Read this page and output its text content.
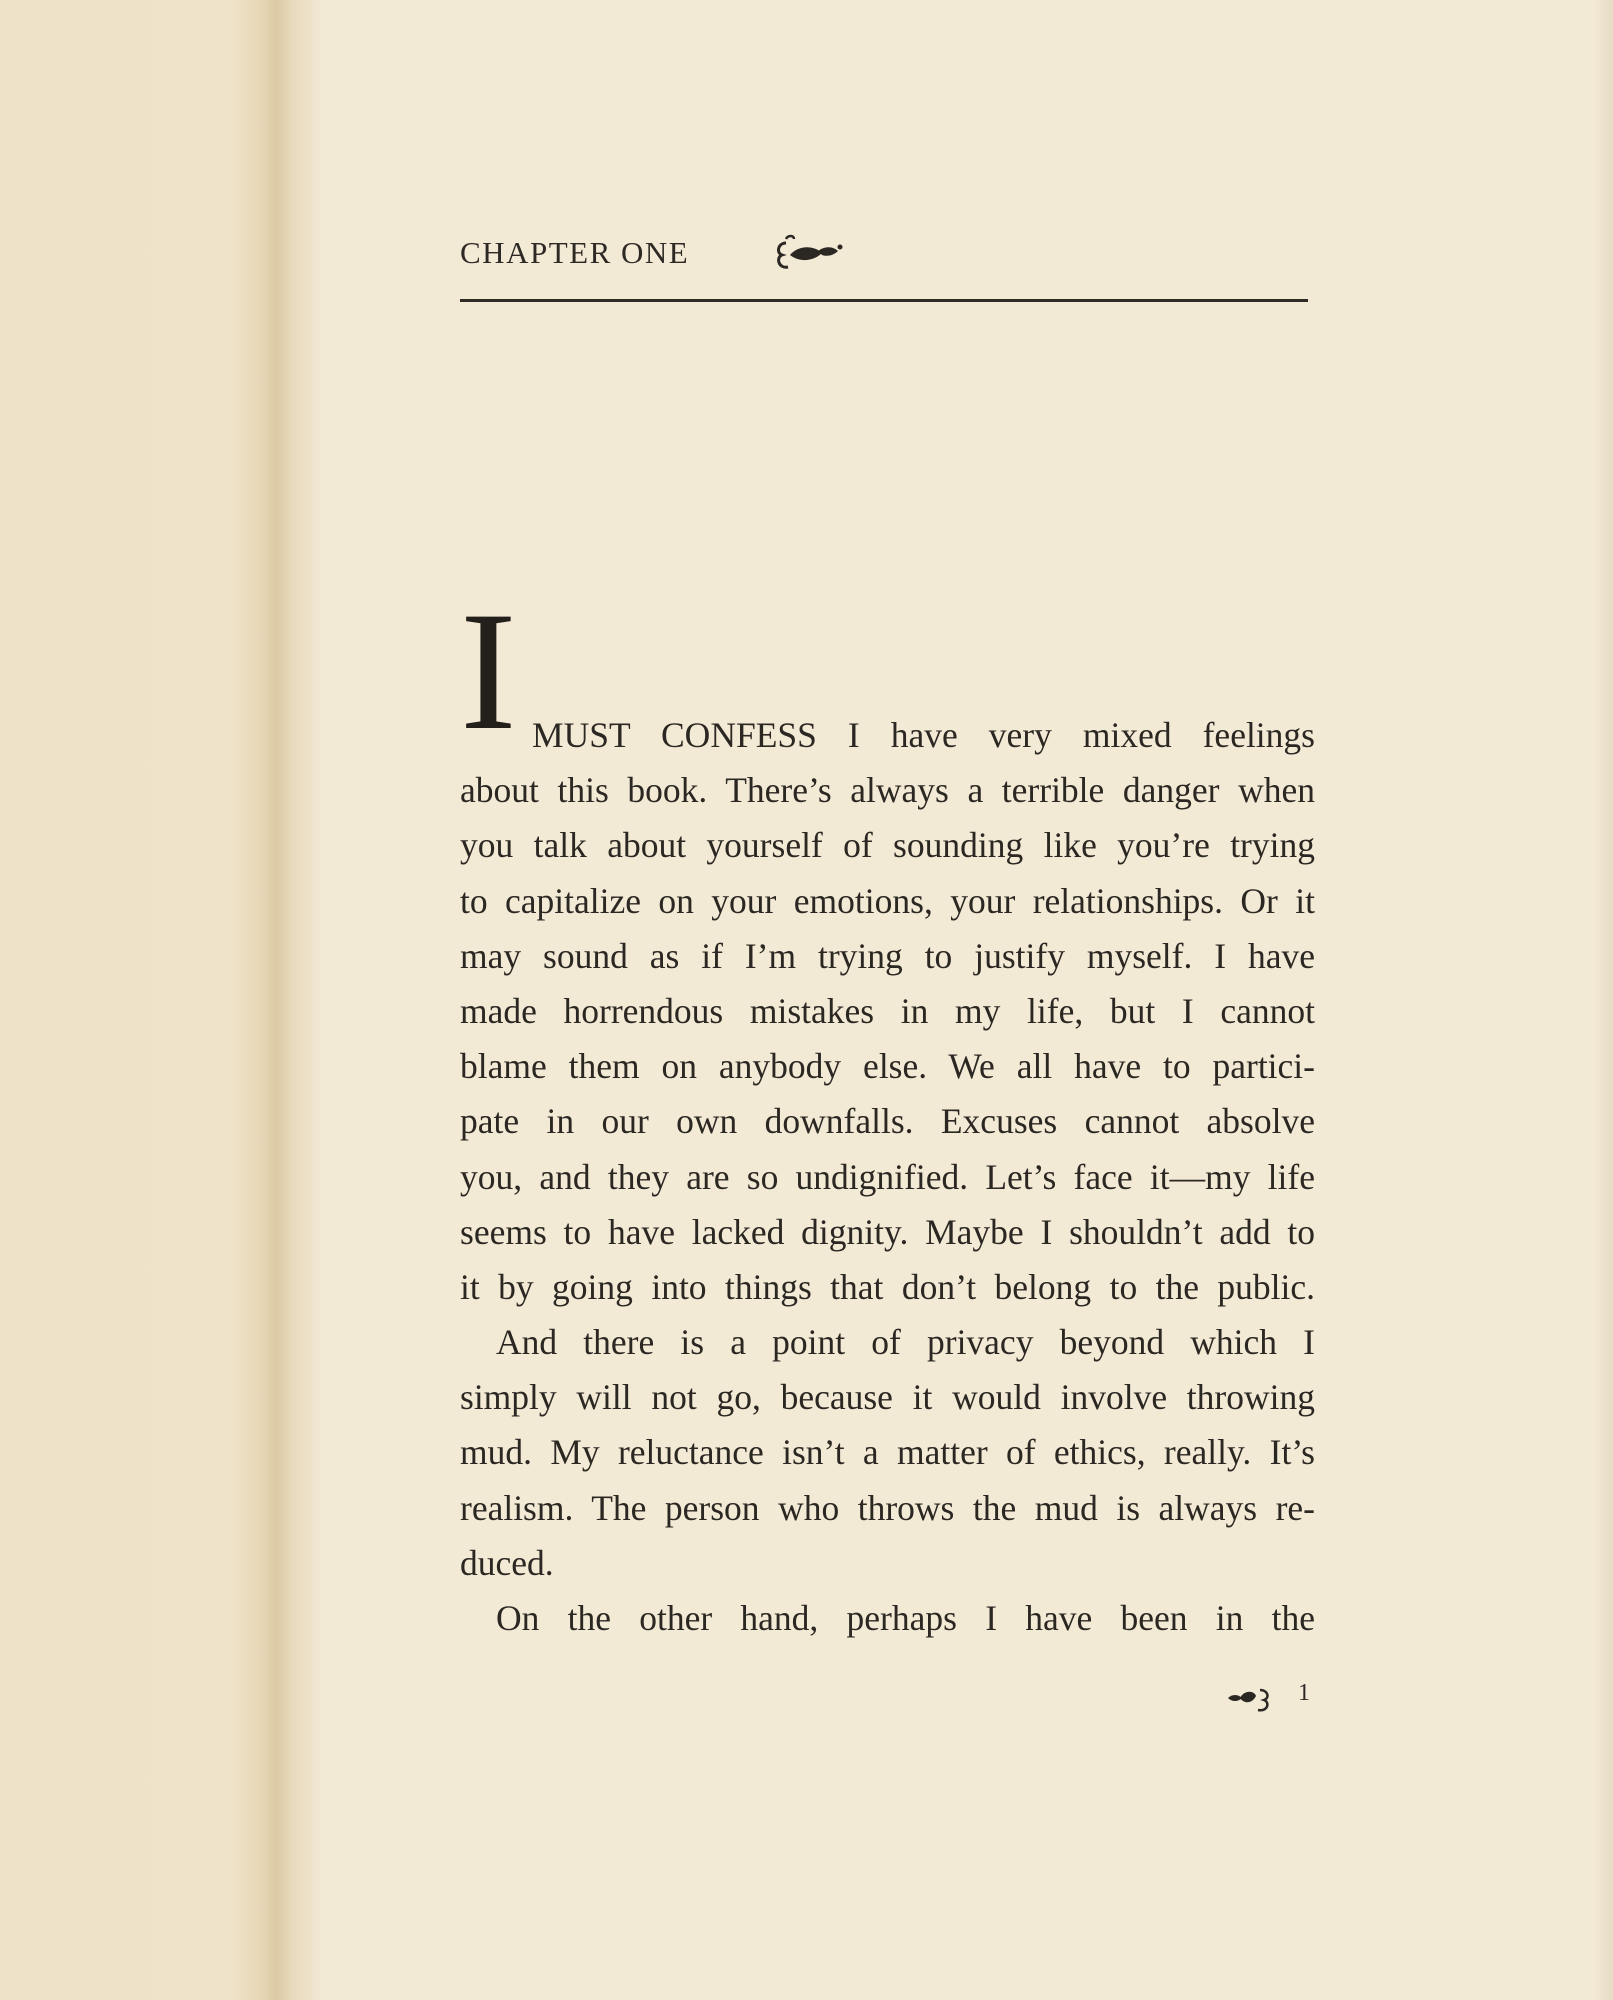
CHAPTER ONE
I MUST CONFESS I have very mixed feelings
about this book. There’s always a terrible danger when
you talk about yourself of sounding like you’re trying
to capitalize on your emotions, your relationships. Or it
may sound as if I’m trying to justify myself. I have
made horrendous mistakes in my life, but I cannot
blame them on anybody else. We all have to partici-
pate in our own downfalls. Excuses cannot absolve
you, and they are so undignified. Let’s face it—my life
seems to have lacked dignity. Maybe I shouldn’t add to
it by going into things that don’t belong to the public.
And there is a point of privacy beyond which I
simply will not go, because it would involve throwing
mud. My reluctance isn’t a matter of ethics, really. It’s
realism. The person who throws the mud is always re-
duced.
On the other hand, perhaps I have been in the
1
